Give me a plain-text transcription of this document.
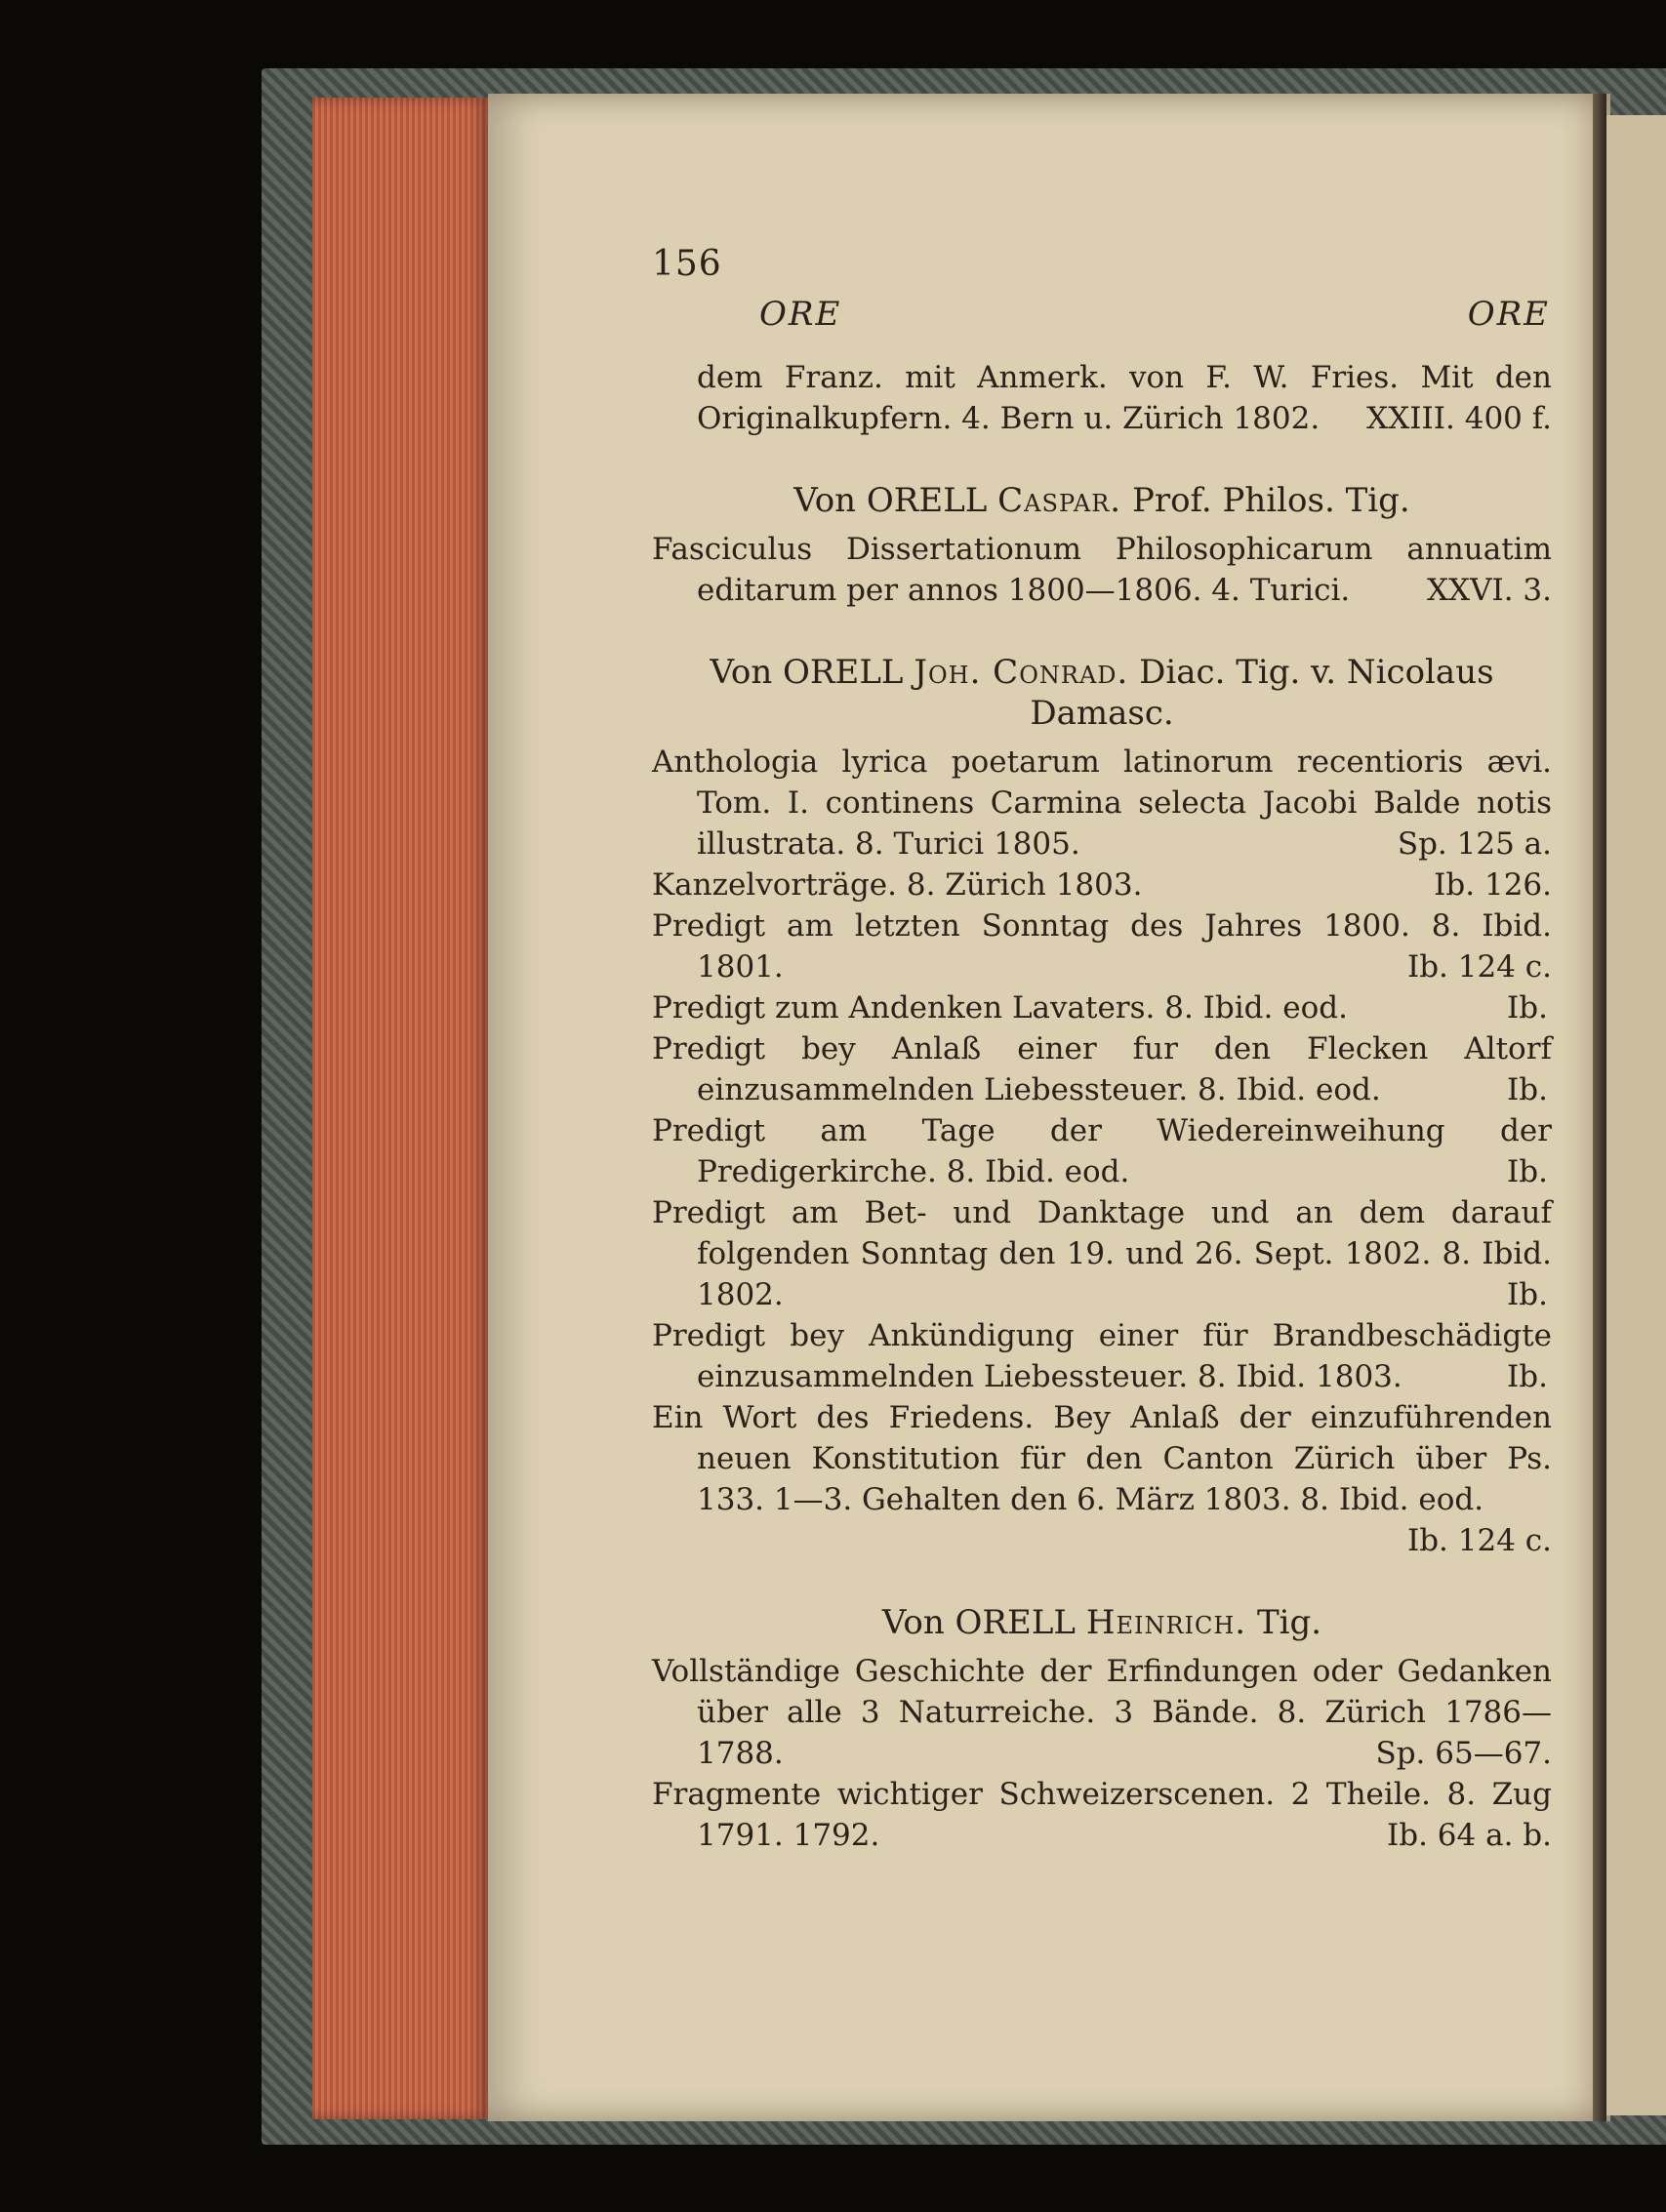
156
ORE	ORE

dem Franz. mit Anmerk. von F. W. Fries. Mit den Originalkupfern. 4. Bern u. Zürich 1802. XXIII. 400 f.

Von ORELL Caspar. Prof. Philos. Tig.

Fasciculus Dissertationum Philosophicarum annuatim editarum per annos 1800—1806. 4. Turici.	XXVI. 3.

Von ORELL Joh. Conrad. Diac. Tig. v. Nicolaus Damasc.

Anthologia lyrica poetarum latinorum recentioris ævi. Tom. I. continens Carmina selecta Jacobi Balde notis illustrata. 8. Turici 1805.	Sp. 125 a.

Kanzelvorträge. 8. Zürich 1803.	Ib. 126.

Predigt am letzten Sonntag des Jahres 1800. 8. Ibid. 1801.	Ib. 124 c.

Predigt zum Andenken Lavaters. 8. Ibid. eod.	Ib.

Predigt bey Anlaß einer fur den Flecken Altorf einzusammelnden Liebessteuer. 8. Ibid. eod.	Ib.

Predigt am Tage der Wiedereinweihung der Predigerkirche. 8. Ibid. eod.	Ib.

Predigt am Bet- und Danktage und an dem darauf folgenden Sonntag den 19. und 26. Sept. 1802. 8. Ibid. 1802.	Ib.

Predigt bey Ankündigung einer für Brandbeschädigte einzusammelnden Liebessteuer. 8. Ibid. 1803.	Ib.

Ein Wort des Friedens. Bey Anlaß der einzuführenden neuen Konstitution für den Canton Zürich über Ps. 133. 1—3. Gehalten den 6. März 1803. 8. Ibid. eod.
Ib. 124 c.

Von ORELL Heinrich. Tig.

Vollständige Geschichte der Erfindungen oder Gedanken über alle 3 Naturreiche. 3 Bände. 8. Zürich 1786—1788.	Sp. 65—67.

Fragmente wichtiger Schweizerscenen. 2 Theile. 8. Zug 1791. 1792.	Ib. 64 a. b.
